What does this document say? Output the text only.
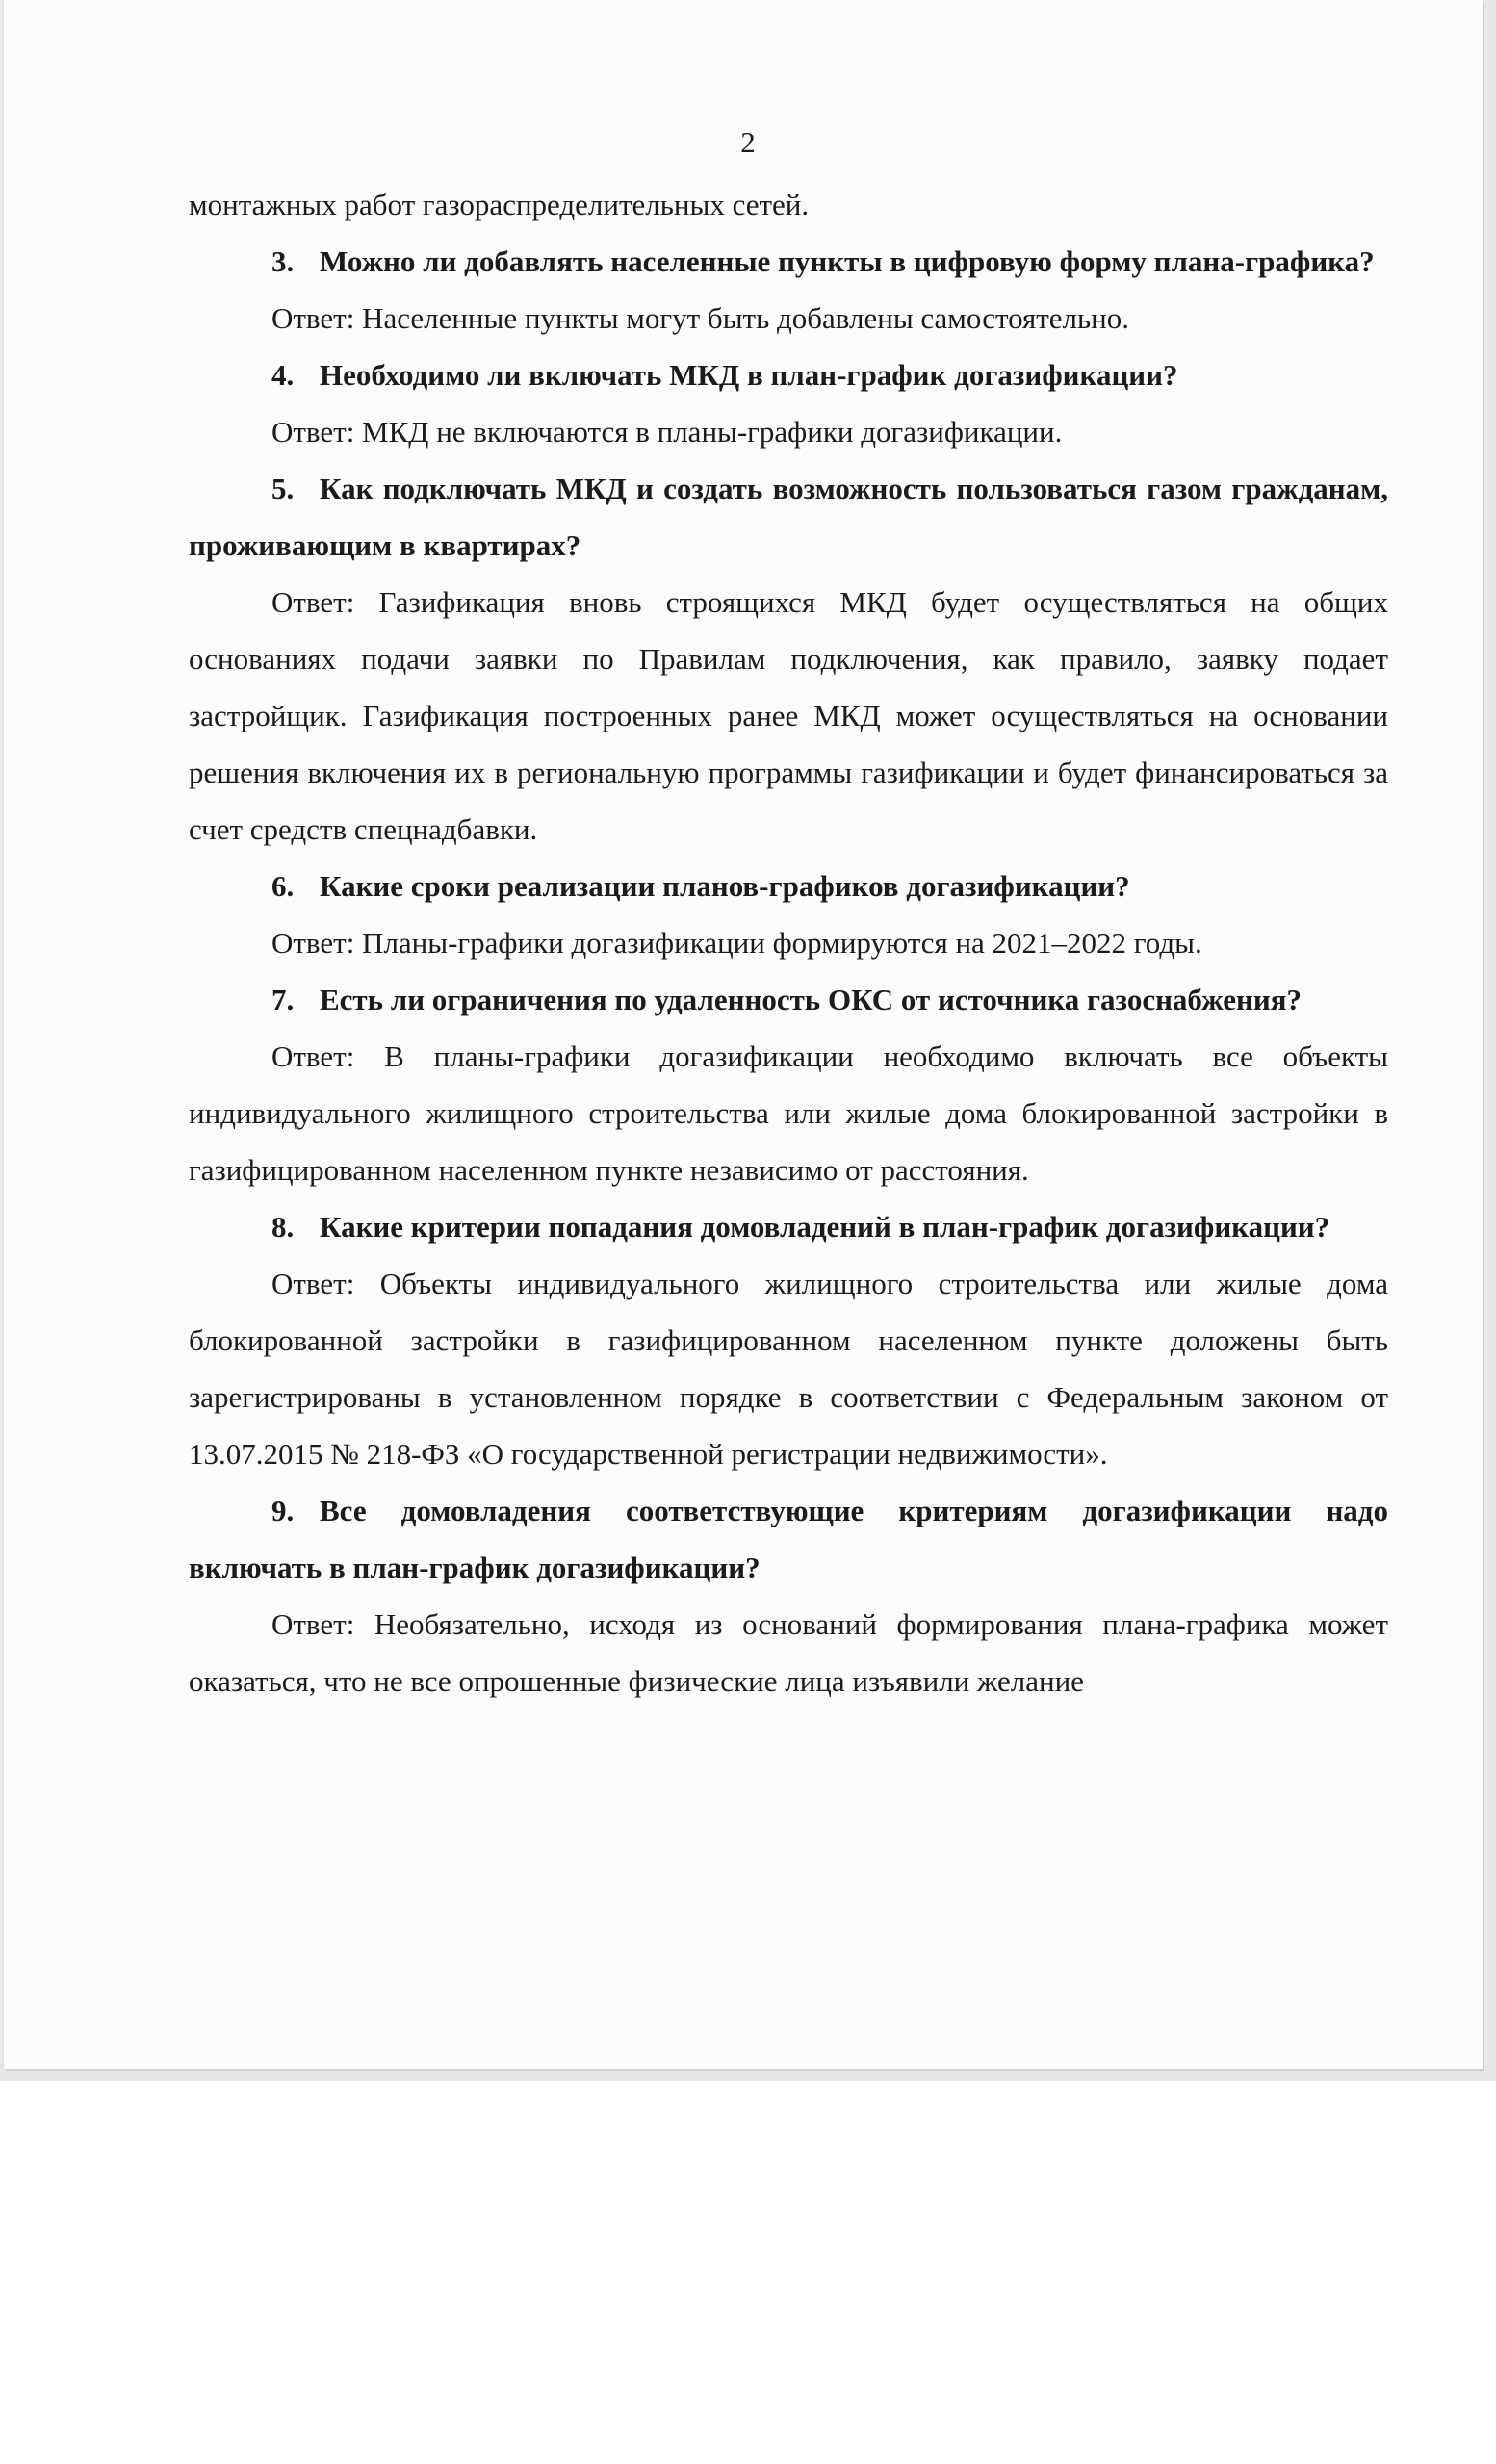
2

монтажных работ газораспределительных сетей.

3. Можно ли добавлять населенные пункты в цифровую форму плана-графика?

Ответ: Населенные пункты могут быть добавлены самостоятельно.

4. Необходимо ли включать МКД в план-график догазификации?

Ответ: МКД не включаются в планы-графики догазификации.

5. Как подключать МКД и создать возможность пользоваться газом гражданам, проживающим в квартирах?

Ответ: Газификация вновь строящихся МКД будет осуществляться на общих основаниях подачи заявки по Правилам подключения, как правило, заявку подает застройщик. Газификация построенных ранее МКД может осуществляться на основании решения включения их в региональную программы газификации и будет финансироваться за счет средств спецнадбавки.

6. Какие сроки реализации планов-графиков догазификации?

Ответ: Планы-графики догазификации формируются на 2021–2022 годы.

7. Есть ли ограничения по удаленность ОКС от источника газоснабжения?

Ответ: В планы-графики догазификации необходимо включать все объекты индивидуального жилищного строительства или жилые дома блокированной застройки в газифицированном населенном пункте независимо от расстояния.

8. Какие критерии попадания домовладений в план-график догазификации?

Ответ: Объекты индивидуального жилищного строительства или жилые дома блокированной застройки в газифицированном населенном пункте доложены быть зарегистрированы в установленном порядке в соответствии с Федеральным законом от 13.07.2015 № 218-ФЗ «О государственной регистрации недвижимости».

9. Все домовладения соответствующие критериям догазификации надо включать в план-график догазификации?

Ответ: Необязательно, исходя из оснований формирования плана-графика может оказаться, что не все опрошенные физические лица изъявили желание
